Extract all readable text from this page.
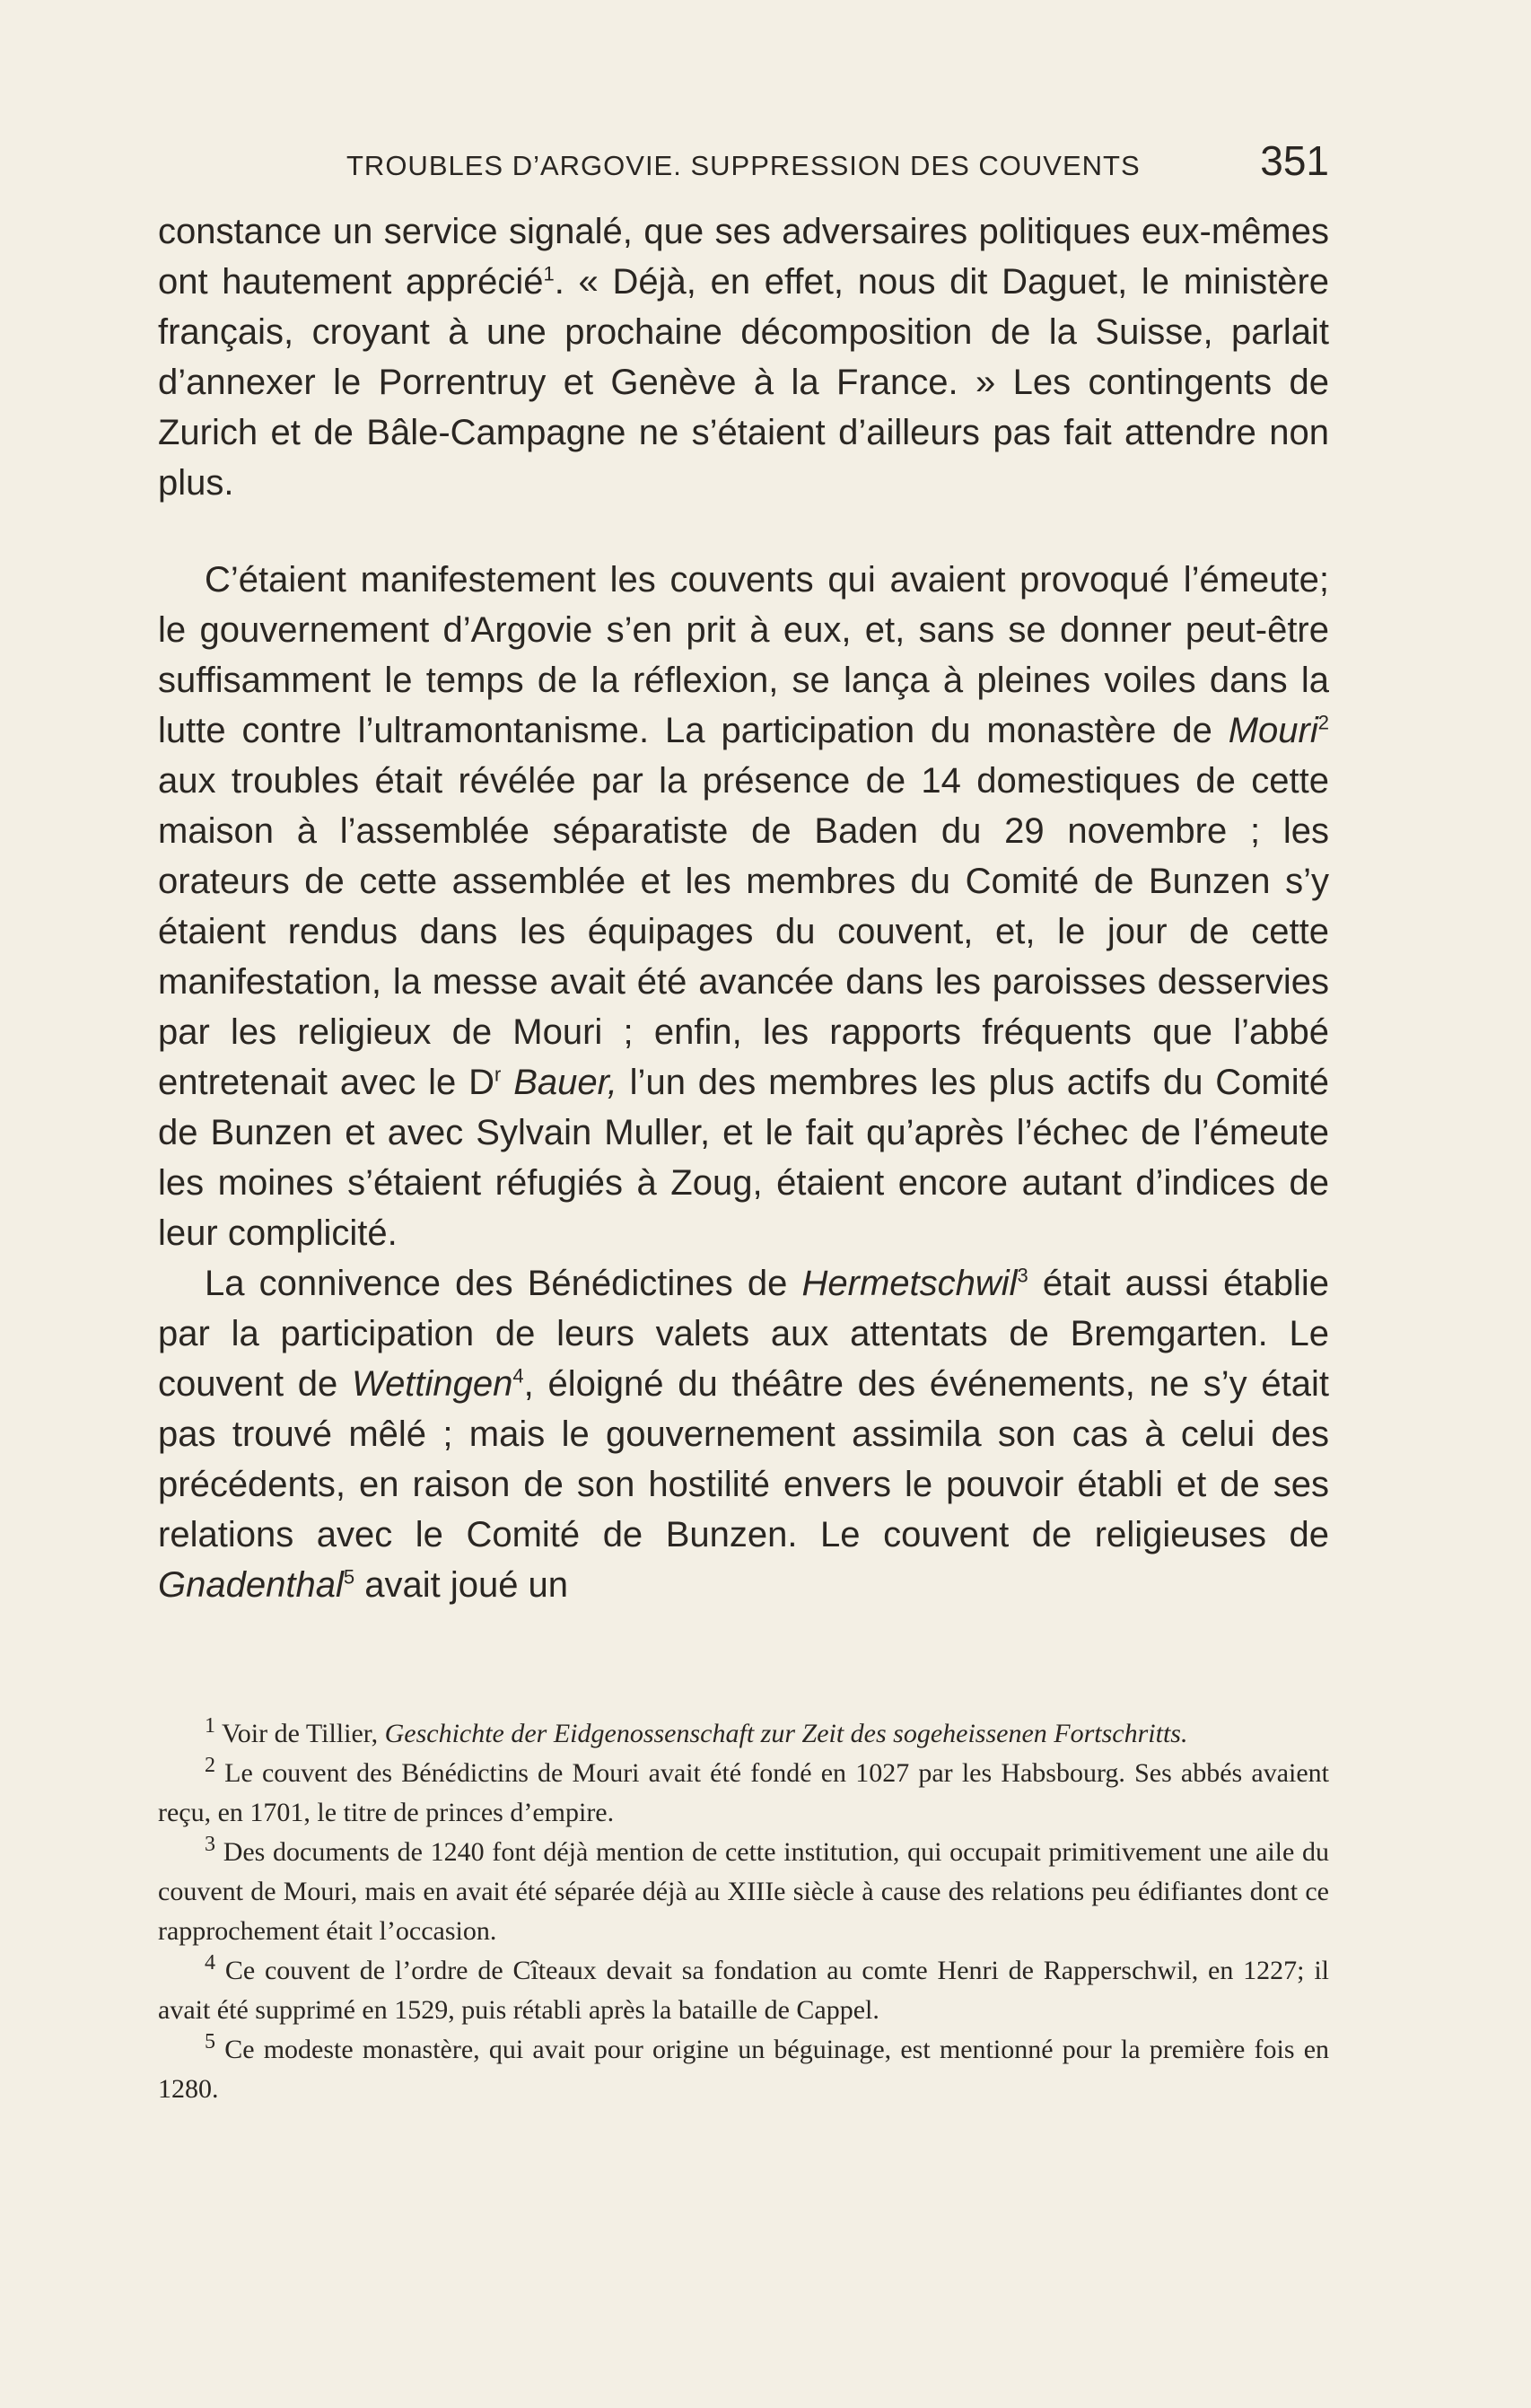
TROUBLES D’ARGOVIE. SUPPRESSION DES COUVENTS	351

constance un service signalé, que ses adversaires politiques eux-mêmes ont hautement apprécié$^1$. « Déjà, en effet, nous dit Daguet, le ministère français, croyant à une prochaine décomposition de la Suisse, parlait d’annexer le Porrentruy et Genève à la France. » Les contingents de Zurich et de Bâle-Campagne ne s’étaient d’ailleurs pas fait attendre non plus.

C’étaient manifestement les couvents qui avaient provoqué l’émeute; le gouvernement d’Argovie s’en prit à eux, et, sans se donner peut-être suffisamment le temps de la réflexion, se lança à pleines voiles dans la lutte contre l’ultramontanisme. La participation du monastère de Mouri$^2$ aux troubles était révélée par la présence de 14 domestiques de cette maison à l’assemblée séparatiste de Baden du 29 novembre ; les orateurs de cette assemblée et les membres du Comité de Bunzen s’y étaient rendus dans les équipages du couvent, et, le jour de cette manifestation, la messe avait été avancée dans les paroisses desservies par les religieux de Mouri ; enfin, les rapports fréquents que l’abbé entretenait avec le $D^r$ Bauer, l’un des membres les plus actifs du Comité de Bunzen et avec Sylvain Muller, et le fait qu’après l’échec de l’émeute les moines s’étaient réfugiés à Zoug, étaient encore autant d’indices de leur complicité.

La connivence des Bénédictines de Hermetschwil$^3$ était aussi établie par la participation de leurs valets aux attentats de Bremgarten. Le couvent de Wettingen$^4$, éloigné du théâtre des événements, ne s’y était pas trouvé mêlé ; mais le gouvernement assimila son cas à celui des précédents, en raison de son hostilité envers le pouvoir établi et de ses relations avec le Comité de Bunzen. Le couvent de religieuses de Gnadenthal$^5$ avait joué un

$^1$ Voir de Tillier, Geschichte der Eidgenossenschaft zur Zeit des sogeheissenen Fortschritts.

$^2$ Le couvent des Bénédictins de Mouri avait été fondé en 1027 par les Habsbourg. Ses abbés avaient reçu, en 1701, le titre de princes d’empire.

$^3$ Des documents de 1240 font déjà mention de cette institution, qui occupait primitivement une aile du couvent de Mouri, mais en avait été séparée déjà au XIIIe siècle à cause des relations peu édifiantes dont ce rapprochement était l’occasion.

$^4$ Ce couvent de l’ordre de Cîteaux devait sa fondation au comte Henri de Rapperschwil, en 1227; il avait été supprimé en 1529, puis rétabli après la bataille de Cappel.

$^5$ Ce modeste monastère, qui avait pour origine un béguinage, est mentionné pour la première fois en 1280.
